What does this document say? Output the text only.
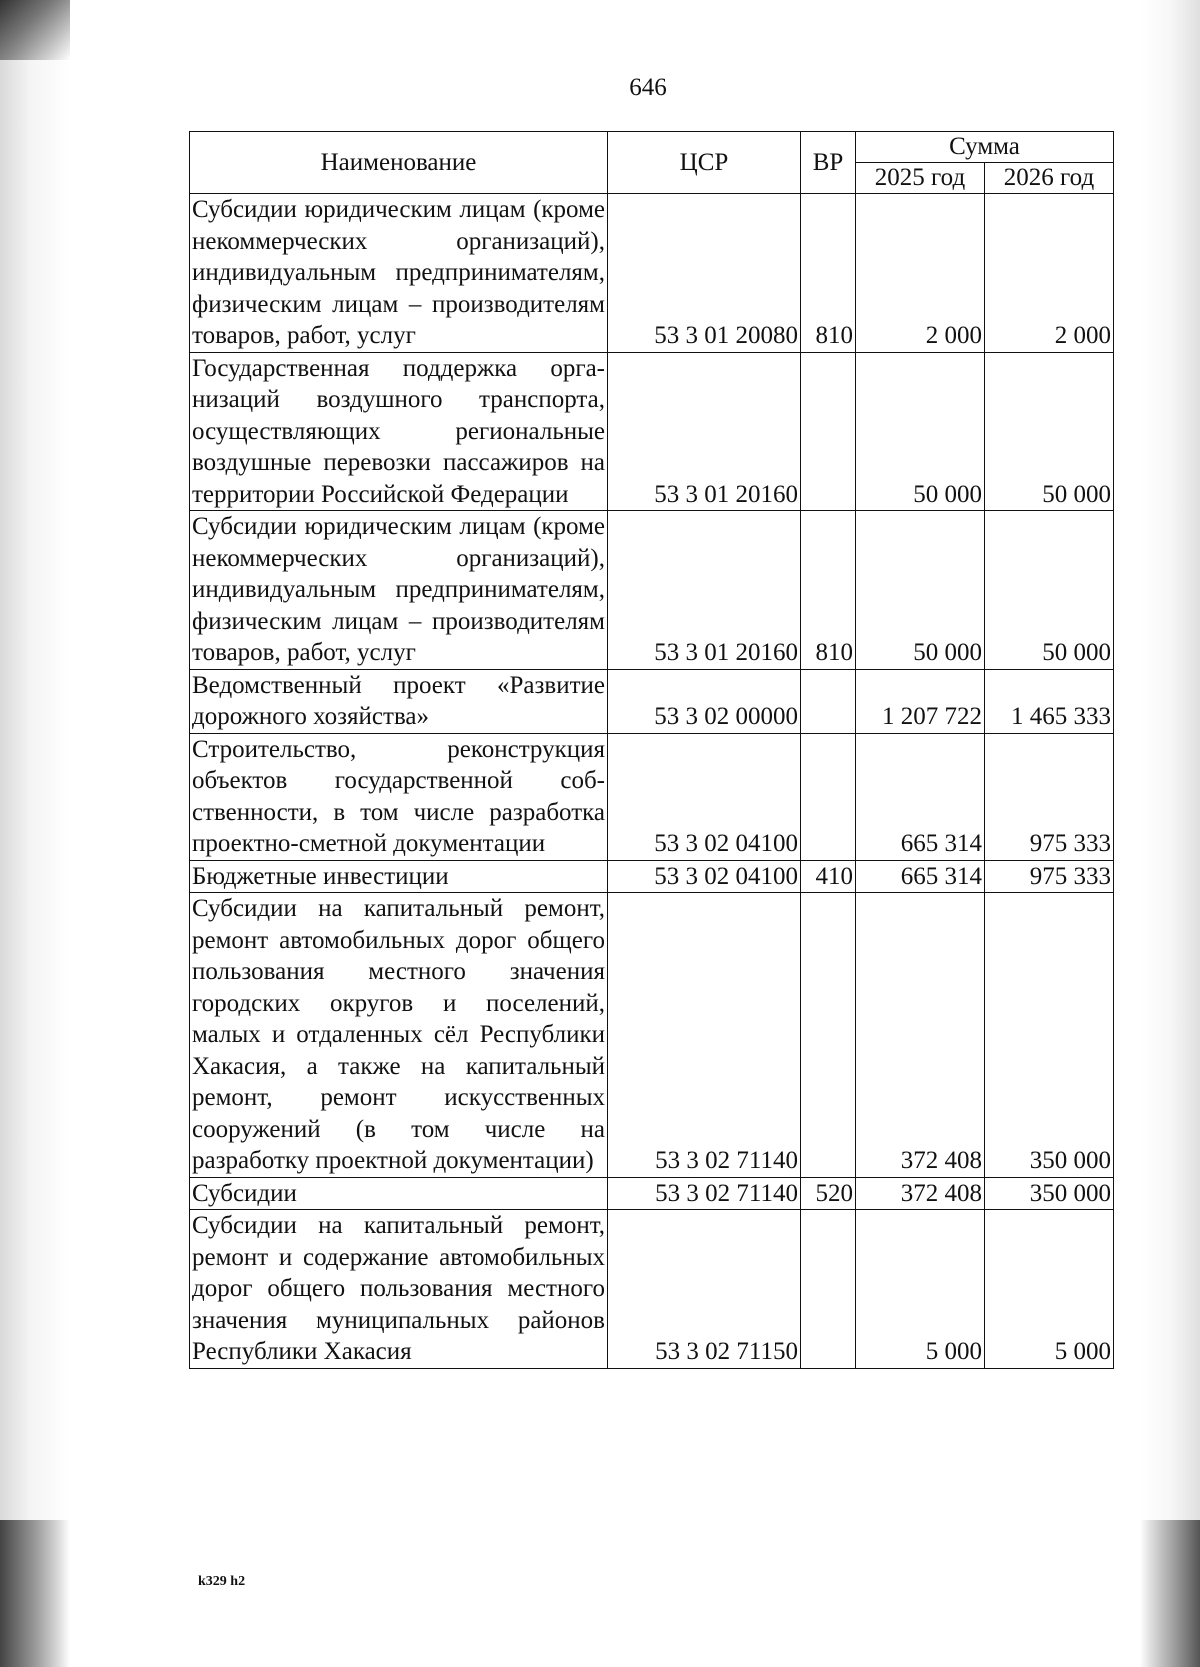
646
Наименование	ЦСР	ВР	Сумма	
			2025 год	2026 год
Субсидии юридическим лицам (кроме некоммерческих организаций), индивидуальным предпринимателям, физическим лицам – производителям товаров, работ, услуг	53 3 01 20080	810	2 000	2 000
Государственная поддержка организаций воздушного транспорта, осуществляющих региональные воздушные перевозки пассажиров на территории Российской Федерации	53 3 01 20160		50 000	50 000
Субсидии юридическим лицам (кроме некоммерческих организаций), индивидуальным предпринимателям, физическим лицам – производителям товаров, работ, услуг	53 3 01 20160	810	50 000	50 000
Ведомственный проект «Развитие дорожного хозяйства»	53 3 02 00000		1 207 722	1 465 333
Строительство, реконструкция объектов государственной собственности, в том числе разработка проектно-сметной документации	53 3 02 04100		665 314	975 333
Бюджетные инвестиции	53 3 02 04100	410	665 314	975 333
Субсидии на капитальный ремонт, ремонт автомобильных дорог общего пользования местного значения городских округов и поселений, малых и отдаленных сёл Республики Хакасия, а также на капитальный ремонт, ремонт искусственных сооружений (в том числе на разработку проектной документации)	53 3 02 71140		372 408	350 000
Субсидии	53 3 02 71140	520	372 408	350 000
Субсидии на капитальный ремонт, ремонт и содержание автомобильных дорог общего пользования местного значения муниципальных районов Республики Хакасия	53 3 02 71150		5 000	5 000
k329 h2
